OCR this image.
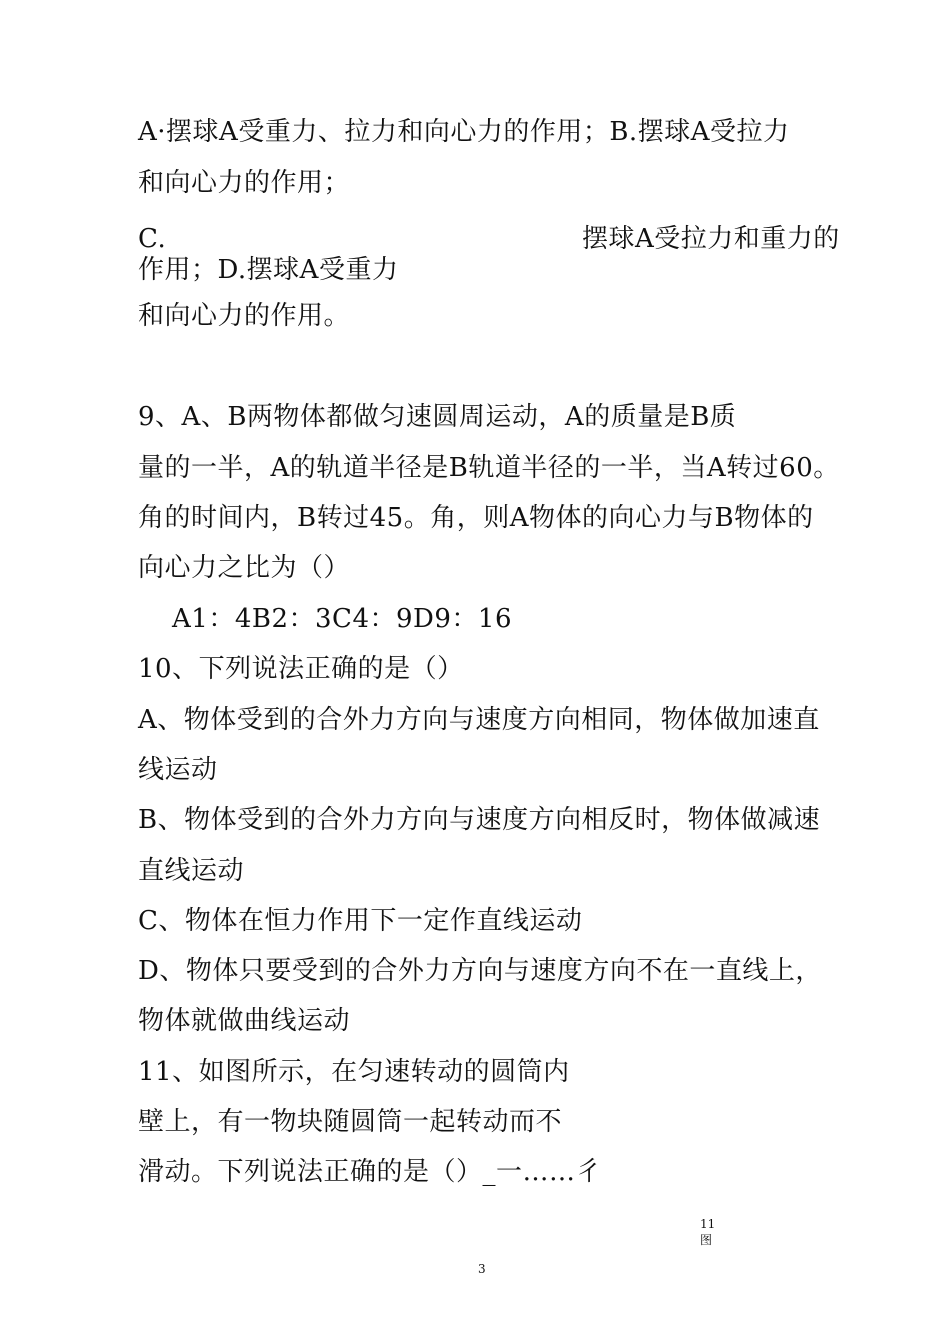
A·摆球A受重力、拉力和向心力的作用；B.摆球A受拉力
和向心力的作用；
C.	摆球A受拉力和重力的
作用；D.摆球A受重力
和向心力的作用。
9、A、B两物体都做匀速圆周运动，A的质量是B质
量的一半，A的轨道半径是B轨道半径的一半，当A转过60。
角的时间内，B转过45。角，则A物体的向心力与B物体的
向心力之比为（）
A1：4B2：3C4：9D9：16
10、下列说法正确的是（）
A、物体受到的合外力方向与速度方向相同，物体做加速直
线运动
B、物体受到的合外力方向与速度方向相反时，物体做减速
直线运动
C、物体在恒力作用下一定作直线运动
D、物体只要受到的合外力方向与速度方向不在一直线上，
物体就做曲线运动
11、如图所示，在匀速转动的圆筒内
壁上，有一物块随圆筒一起转动而不
滑动。下列说法正确的是（）_一……彳
11
图
3
